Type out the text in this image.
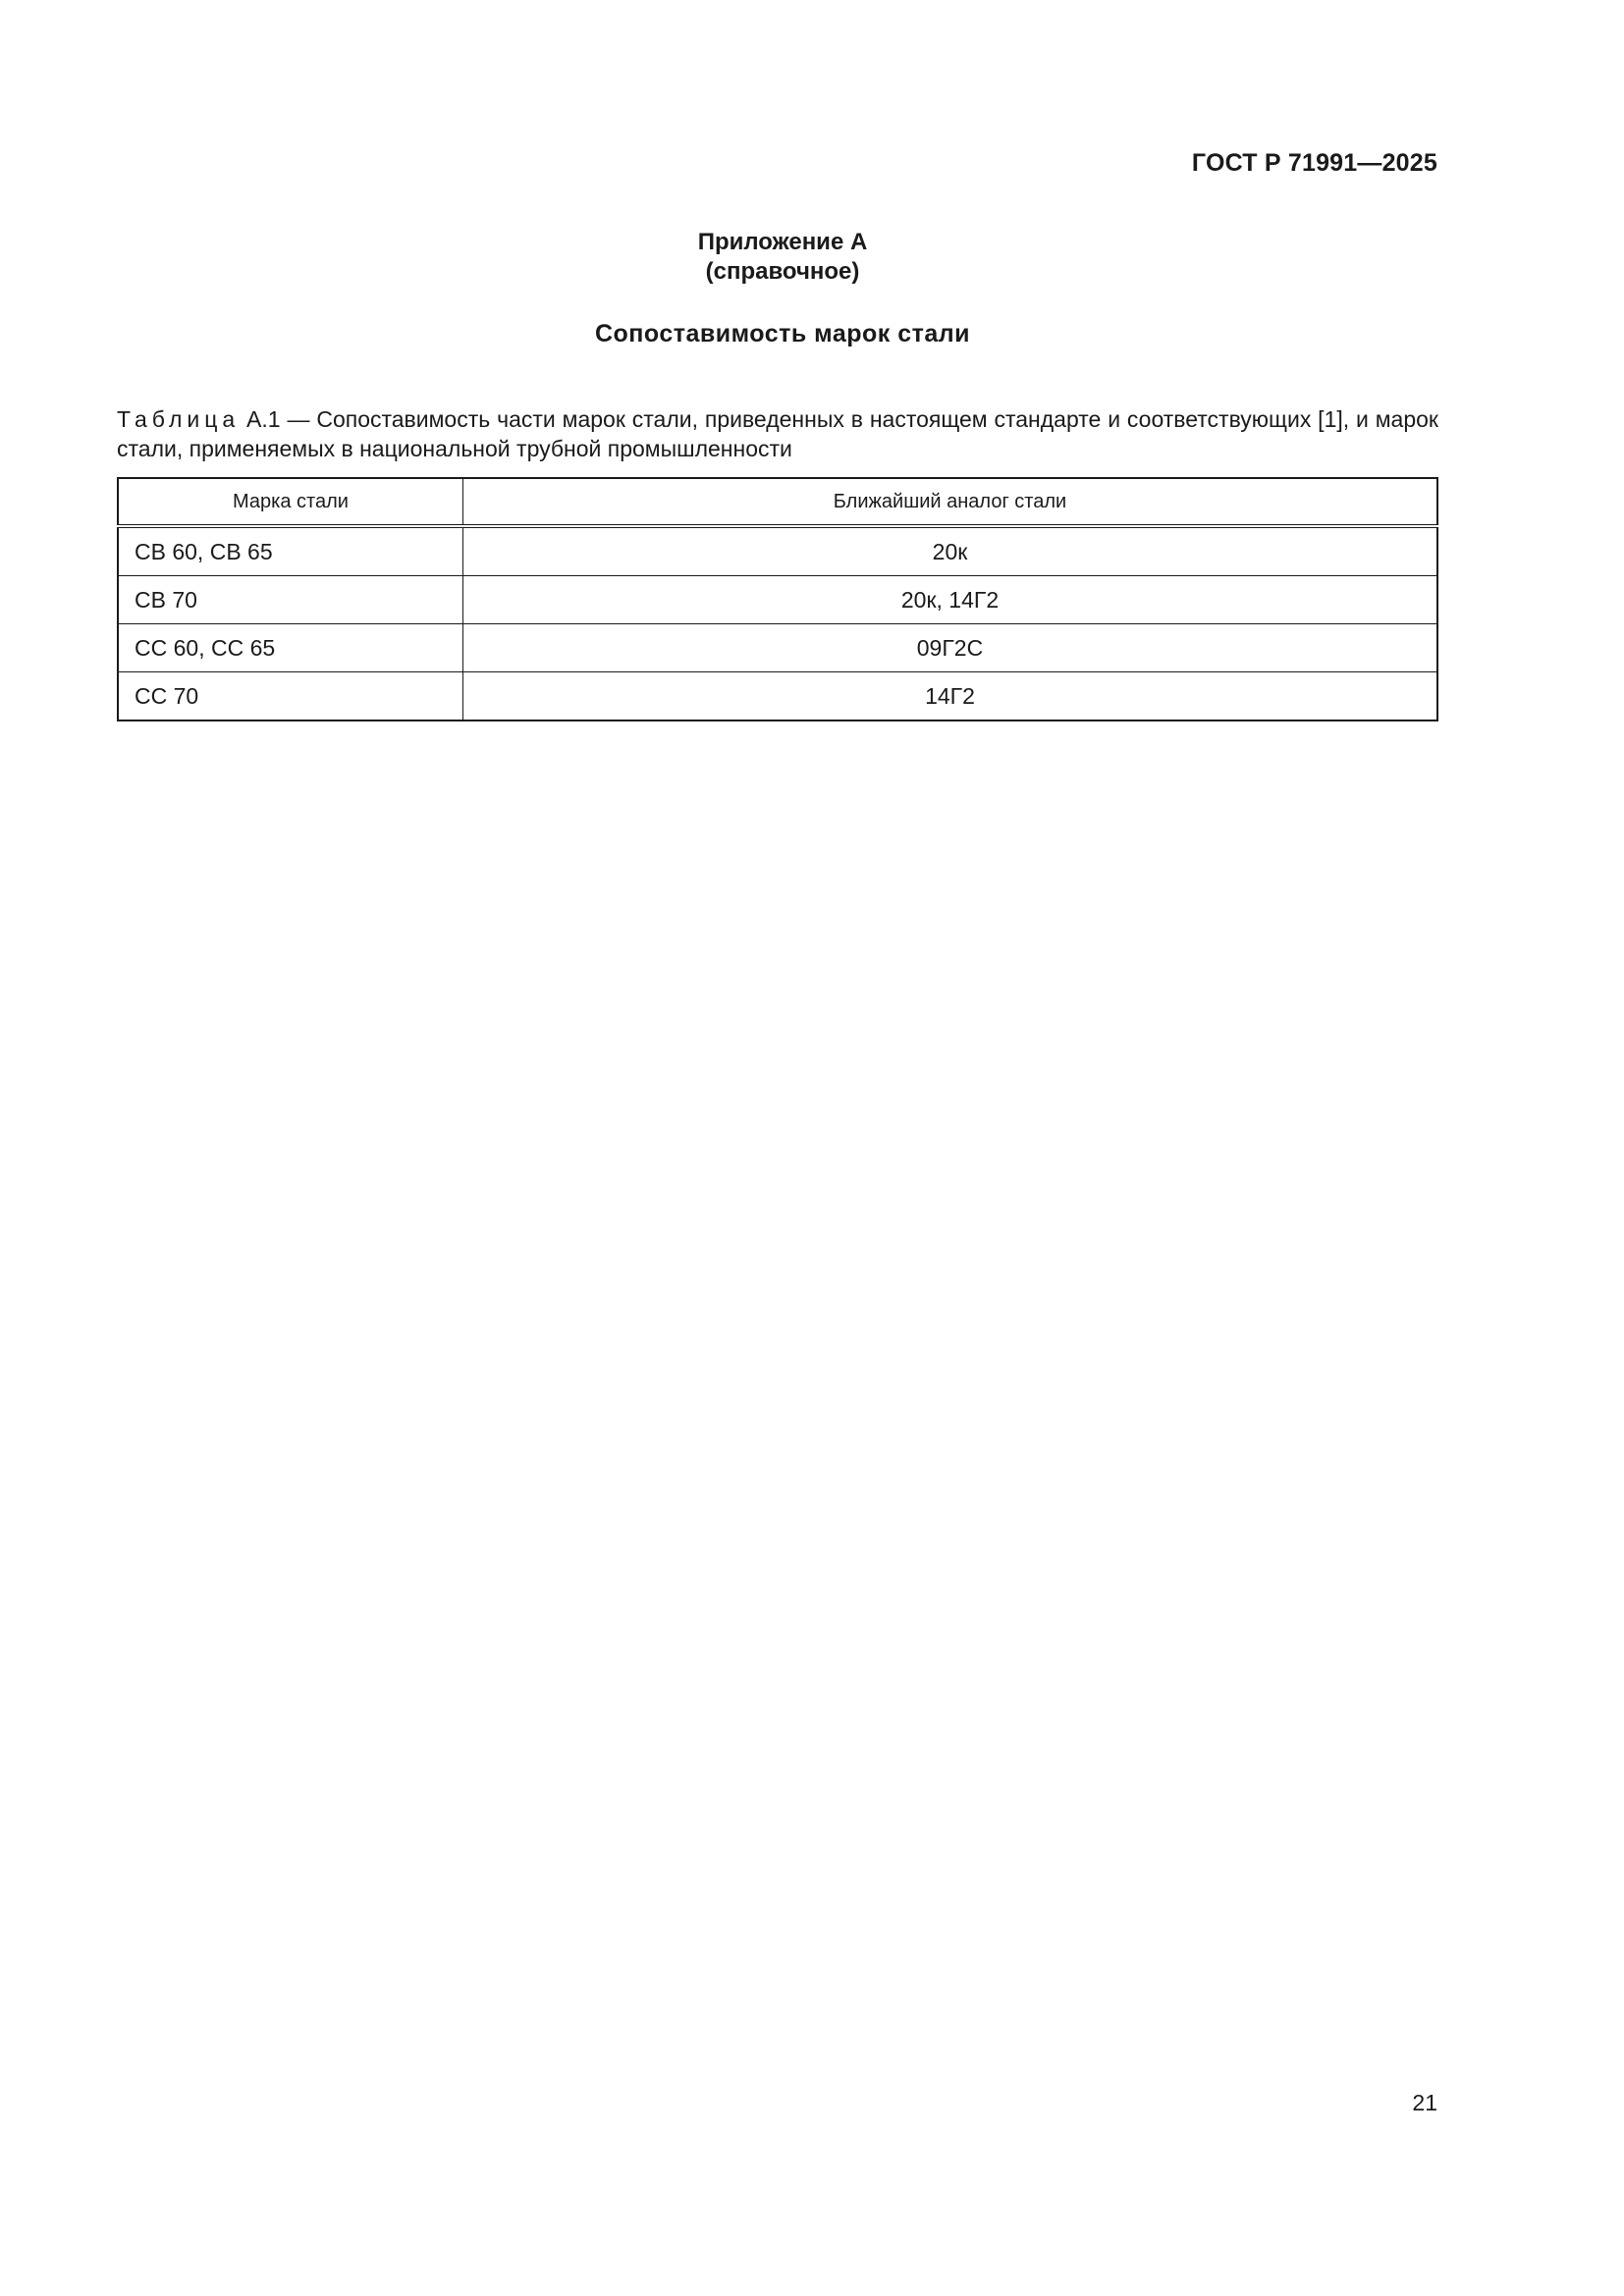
ГОСТ Р 71991—2025
Приложение А
(справочное)
Сопоставимость марок стали
Таблица А.1 — Сопоставимость части марок стали, приведенных в настоящем стандарте и соответствующих [1], и марок стали, применяемых в национальной трубной промышленности
Марка стали	Ближайший аналог стали
СВ 60, СВ 65	20к
СВ 70	20к, 14Г2
СС 60, СС 65	09Г2С
СС 70	14Г2
21
